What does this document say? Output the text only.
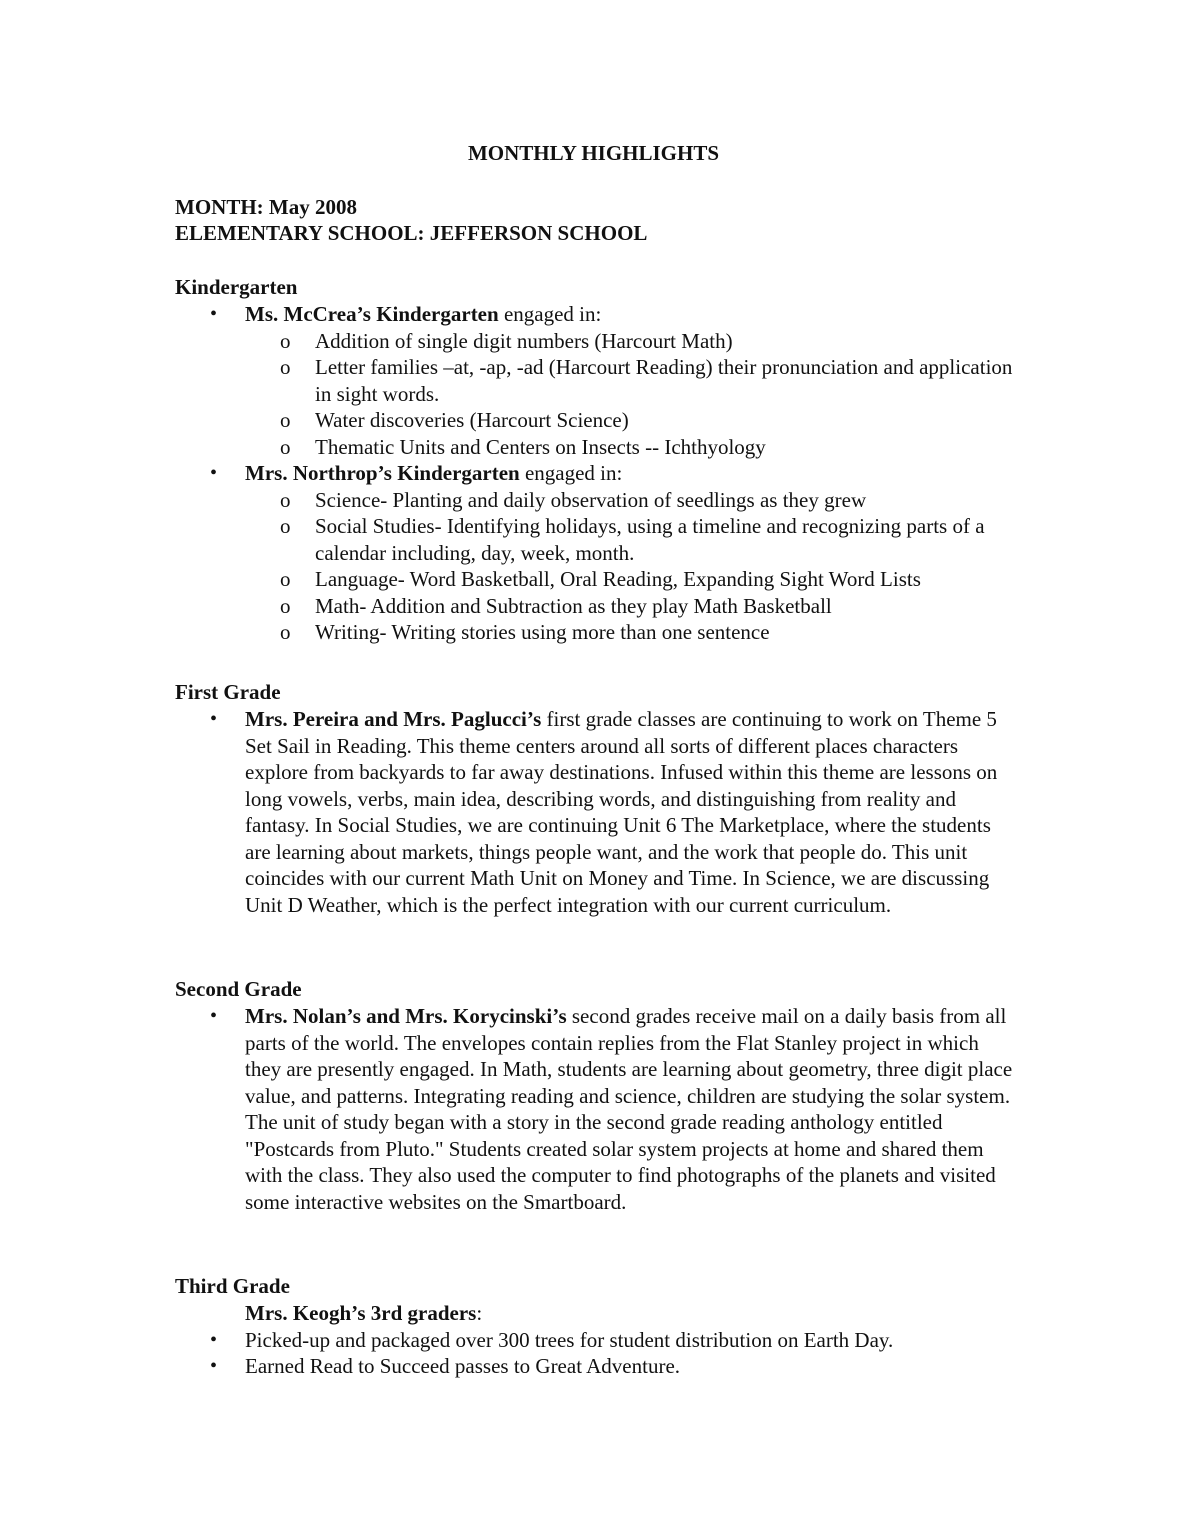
MONTHLY HIGHLIGHTS
MONTH: May 2008
ELEMENTARY SCHOOL: JEFFERSON SCHOOL
Kindergarten
• Ms. McCrea’s Kindergarten engaged in:
o Addition of single digit numbers (Harcourt Math)
o Letter families –at, -ap, -ad (Harcourt Reading) their pronunciation and application in sight words.
o Water discoveries (Harcourt Science)
o Thematic Units and Centers on Insects -- Ichthyology
• Mrs. Northrop’s Kindergarten engaged in:
o Science- Planting and daily observation of seedlings as they grew
o Social Studies- Identifying holidays, using a timeline and recognizing parts of a calendar including, day, week, month.
o Language- Word Basketball, Oral Reading, Expanding Sight Word Lists
o Math- Addition and Subtraction as they play Math Basketball
o Writing- Writing stories using more than one sentence
First Grade
• Mrs. Pereira and Mrs. Paglucci’s first grade classes are continuing to work on Theme 5 Set Sail in Reading. This theme centers around all sorts of different places characters explore from backyards to far away destinations. Infused within this theme are lessons on long vowels, verbs, main idea, describing words, and distinguishing from reality and fantasy. In Social Studies, we are continuing Unit 6 The Marketplace, where the students are learning about markets, things people want, and the work that people do. This unit coincides with our current Math Unit on Money and Time. In Science, we are discussing Unit D Weather, which is the perfect integration with our current curriculum.
Second Grade
• Mrs. Nolan’s and Mrs. Korycinski’s second grades receive mail on a daily basis from all parts of the world. The envelopes contain replies from the Flat Stanley project in which they are presently engaged. In Math, students are learning about geometry, three digit place value, and patterns. Integrating reading and science, children are studying the solar system. The unit of study began with a story in the second grade reading anthology entitled "Postcards from Pluto." Students created solar system projects at home and shared them with the class. They also used the computer to find photographs of the planets and visited some interactive websites on the Smartboard.
Third Grade
Mrs. Keogh’s 3rd graders:
• Picked-up and packaged over 300 trees for student distribution on Earth Day.
• Earned Read to Succeed passes to Great Adventure.
